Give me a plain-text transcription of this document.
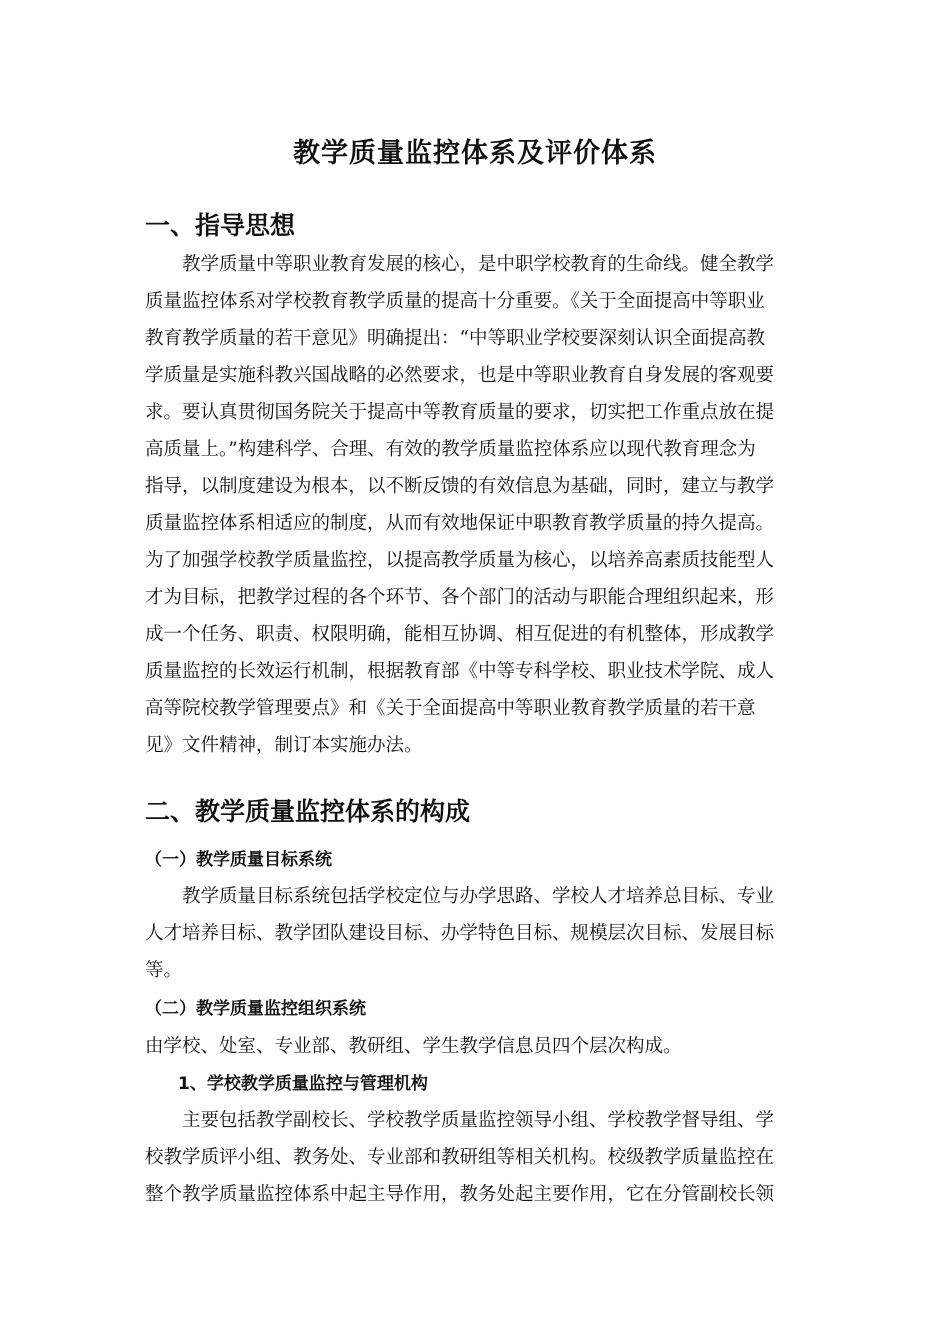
教学质量监控体系及评价体系
一、指导思想
　　教学质量中等职业教育发展的核心，是中职学校教育的生命线。健全教学
质量监控体系对学校教育教学质量的提高十分重要。《关于全面提高中等职业
教育教学质量的若干意见》明确提出：“中等职业学校要深刻认识全面提高教
学质量是实施科教兴国战略的必然要求，也是中等职业教育自身发展的客观要
求。要认真贯彻国务院关于提高中等教育质量的要求，切实把工作重点放在提
高质量上。”构建科学、合理、有效的教学质量监控体系应以现代教育理念为
指导，以制度建设为根本，以不断反馈的有效信息为基础，同时，建立与教学
质量监控体系相适应的制度，从而有效地保证中职教育教学质量的持久提高。
为了加强学校教学质量监控，以提高教学质量为核心，以培养高素质技能型人
才为目标，把教学过程的各个环节、各个部门的活动与职能合理组织起来，形
成一个任务、职责、权限明确，能相互协调、相互促进的有机整体，形成教学
质量监控的长效运行机制，根据教育部《中等专科学校、职业技术学院、成人
高等院校教学管理要点》和《关于全面提高中等职业教育教学质量的若干意
见》文件精神，制订本实施办法。
二、教学质量监控体系的构成
（一）教学质量目标系统
　　教学质量目标系统包括学校定位与办学思路、学校人才培养总目标、专业
人才培养目标、教学团队建设目标、办学特色目标、规模层次目标、发展目标
等。
（二）教学质量监控组织系统
由学校、处室、专业部、教研组、学生教学信息员四个层次构成。
1、学校教学质量监控与管理机构
　　主要包括教学副校长、学校教学质量监控领导小组、学校教学督导组、学
校教学质评小组、教务处、专业部和教研组等相关机构。校级教学质量监控在
整个教学质量监控体系中起主导作用，教务处起主要作用，它在分管副校长领
